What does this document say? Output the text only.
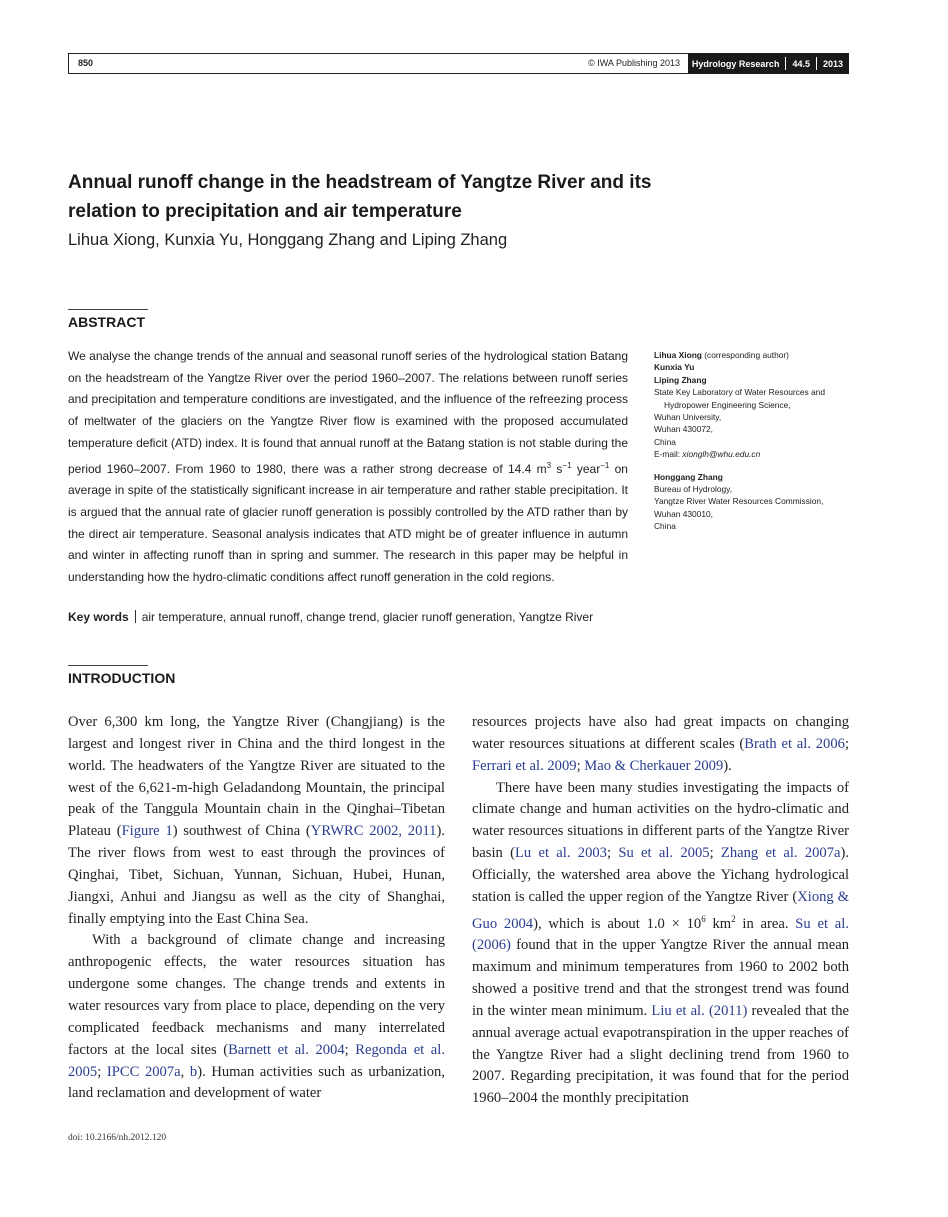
850	© IWA Publishing 2013 Hydrology Research 44.5 2013
Annual runoff change in the headstream of Yangtze River and its relation to precipitation and air temperature
Lihua Xiong, Kunxia Yu, Honggang Zhang and Liping Zhang
ABSTRACT

We analyse the change trends of the annual and seasonal runoff series of the hydrological station Batang on the headstream of the Yangtze River over the period 1960–2007. The relations between runoff series and precipitation and temperature conditions are investigated, and the influence of the refreezing process of meltwater of the glaciers on the Yangtze River flow is examined with the proposed accumulated temperature deficit (ATD) index. It is found that annual runoff at the Batang station is not stable during the period 1960–2007. From 1960 to 1980, there was a rather strong decrease of 14.4 $m^3$ $s^{-1}$ year$^{-1}$ on average in spite of the statistically significant increase in air temperature and rather stable precipitation. It is argued that the annual rate of glacier runoff generation is possibly controlled by the ATD rather than by the direct air temperature. Seasonal analysis indicates that ATD might be of greater influence in autumn and winter in affecting runoff than in spring and summer. The research in this paper may be helpful in understanding how the hydro-climatic conditions affect runoff generation in the cold regions.

Key words air temperature, annual runoff, change trend, glacier runoff generation, Yangtze River
Lihua Xiong (corresponding author)
Kunxia Yu
Liping Zhang
State Key Laboratory of Water Resources and
Hydropower Engineering Science,
Wuhan University,
Wuhan 430072,
China
E-mail: xionglh@whu.edu.cn
Honggang Zhang
Bureau of Hydrology,
Yangtze River Water Resources Commission,
Wuhan 430010,
China
INTRODUCTION

Over 6,300 km long, the Yangtze River (Changjiang) is the largest and longest river in China and the third longest in the world. The headwaters of the Yangtze River are situated to the west of the 6,621-m-high Geladandong Mountain, the principal peak of the Tanggula Mountain chain in the Qinghai–Tibetan Plateau (Figure 1) southwest of China (YRWRC 2002, 2011). The river flows from west to east through the provinces of Qinghai, Tibet, Sichuan, Yunnan, Sichuan, Hubei, Hunan, Jiangxi, Anhui and Jiangsu as well as the city of Shanghai, finally emptying into the East China Sea.

With a background of climate change and increasing anthropogenic effects, the water resources situation has undergone some changes. The change trends and extents in water resources vary from place to place, depending on the very complicated feedback mechanisms and many interrelated factors at the local sites (Barnett et al. 2004; Regonda et al. 2005; IPCC 2007a, b). Human activities such as urbanization, land reclamation and development of water

resources projects have also had great impacts on changing water resources situations at different scales (Brath et al. 2006; Ferrari et al. 2009; Mao & Cherkauer 2009).

There have been many studies investigating the impacts of climate change and human activities on the hydro-climatic and water resources situations in different parts of the Yangtze River basin (Lu et al. 2003; Su et al. 2005; Zhang et al. 2007a). Officially, the watershed area above the Yichang hydrological station is called the upper region of the Yangtze River (Xiong & Guo 2004), which is about $1.0 \times 10^6$ $km^2$ in area. Su et al. (2006) found that in the upper Yangtze River the annual mean maximum and minimum temperatures from 1960 to 2002 both showed a positive trend and that the strongest trend was found in the winter mean minimum. Liu et al. (2011) revealed that the annual average actual evapotranspiration in the upper reaches of the Yangtze River had a slight declining trend from 1960 to 2007. Regarding precipitation, it was found that for the period 1960–2004 the monthly precipitation

doi: 10.2166/nh.2012.120
